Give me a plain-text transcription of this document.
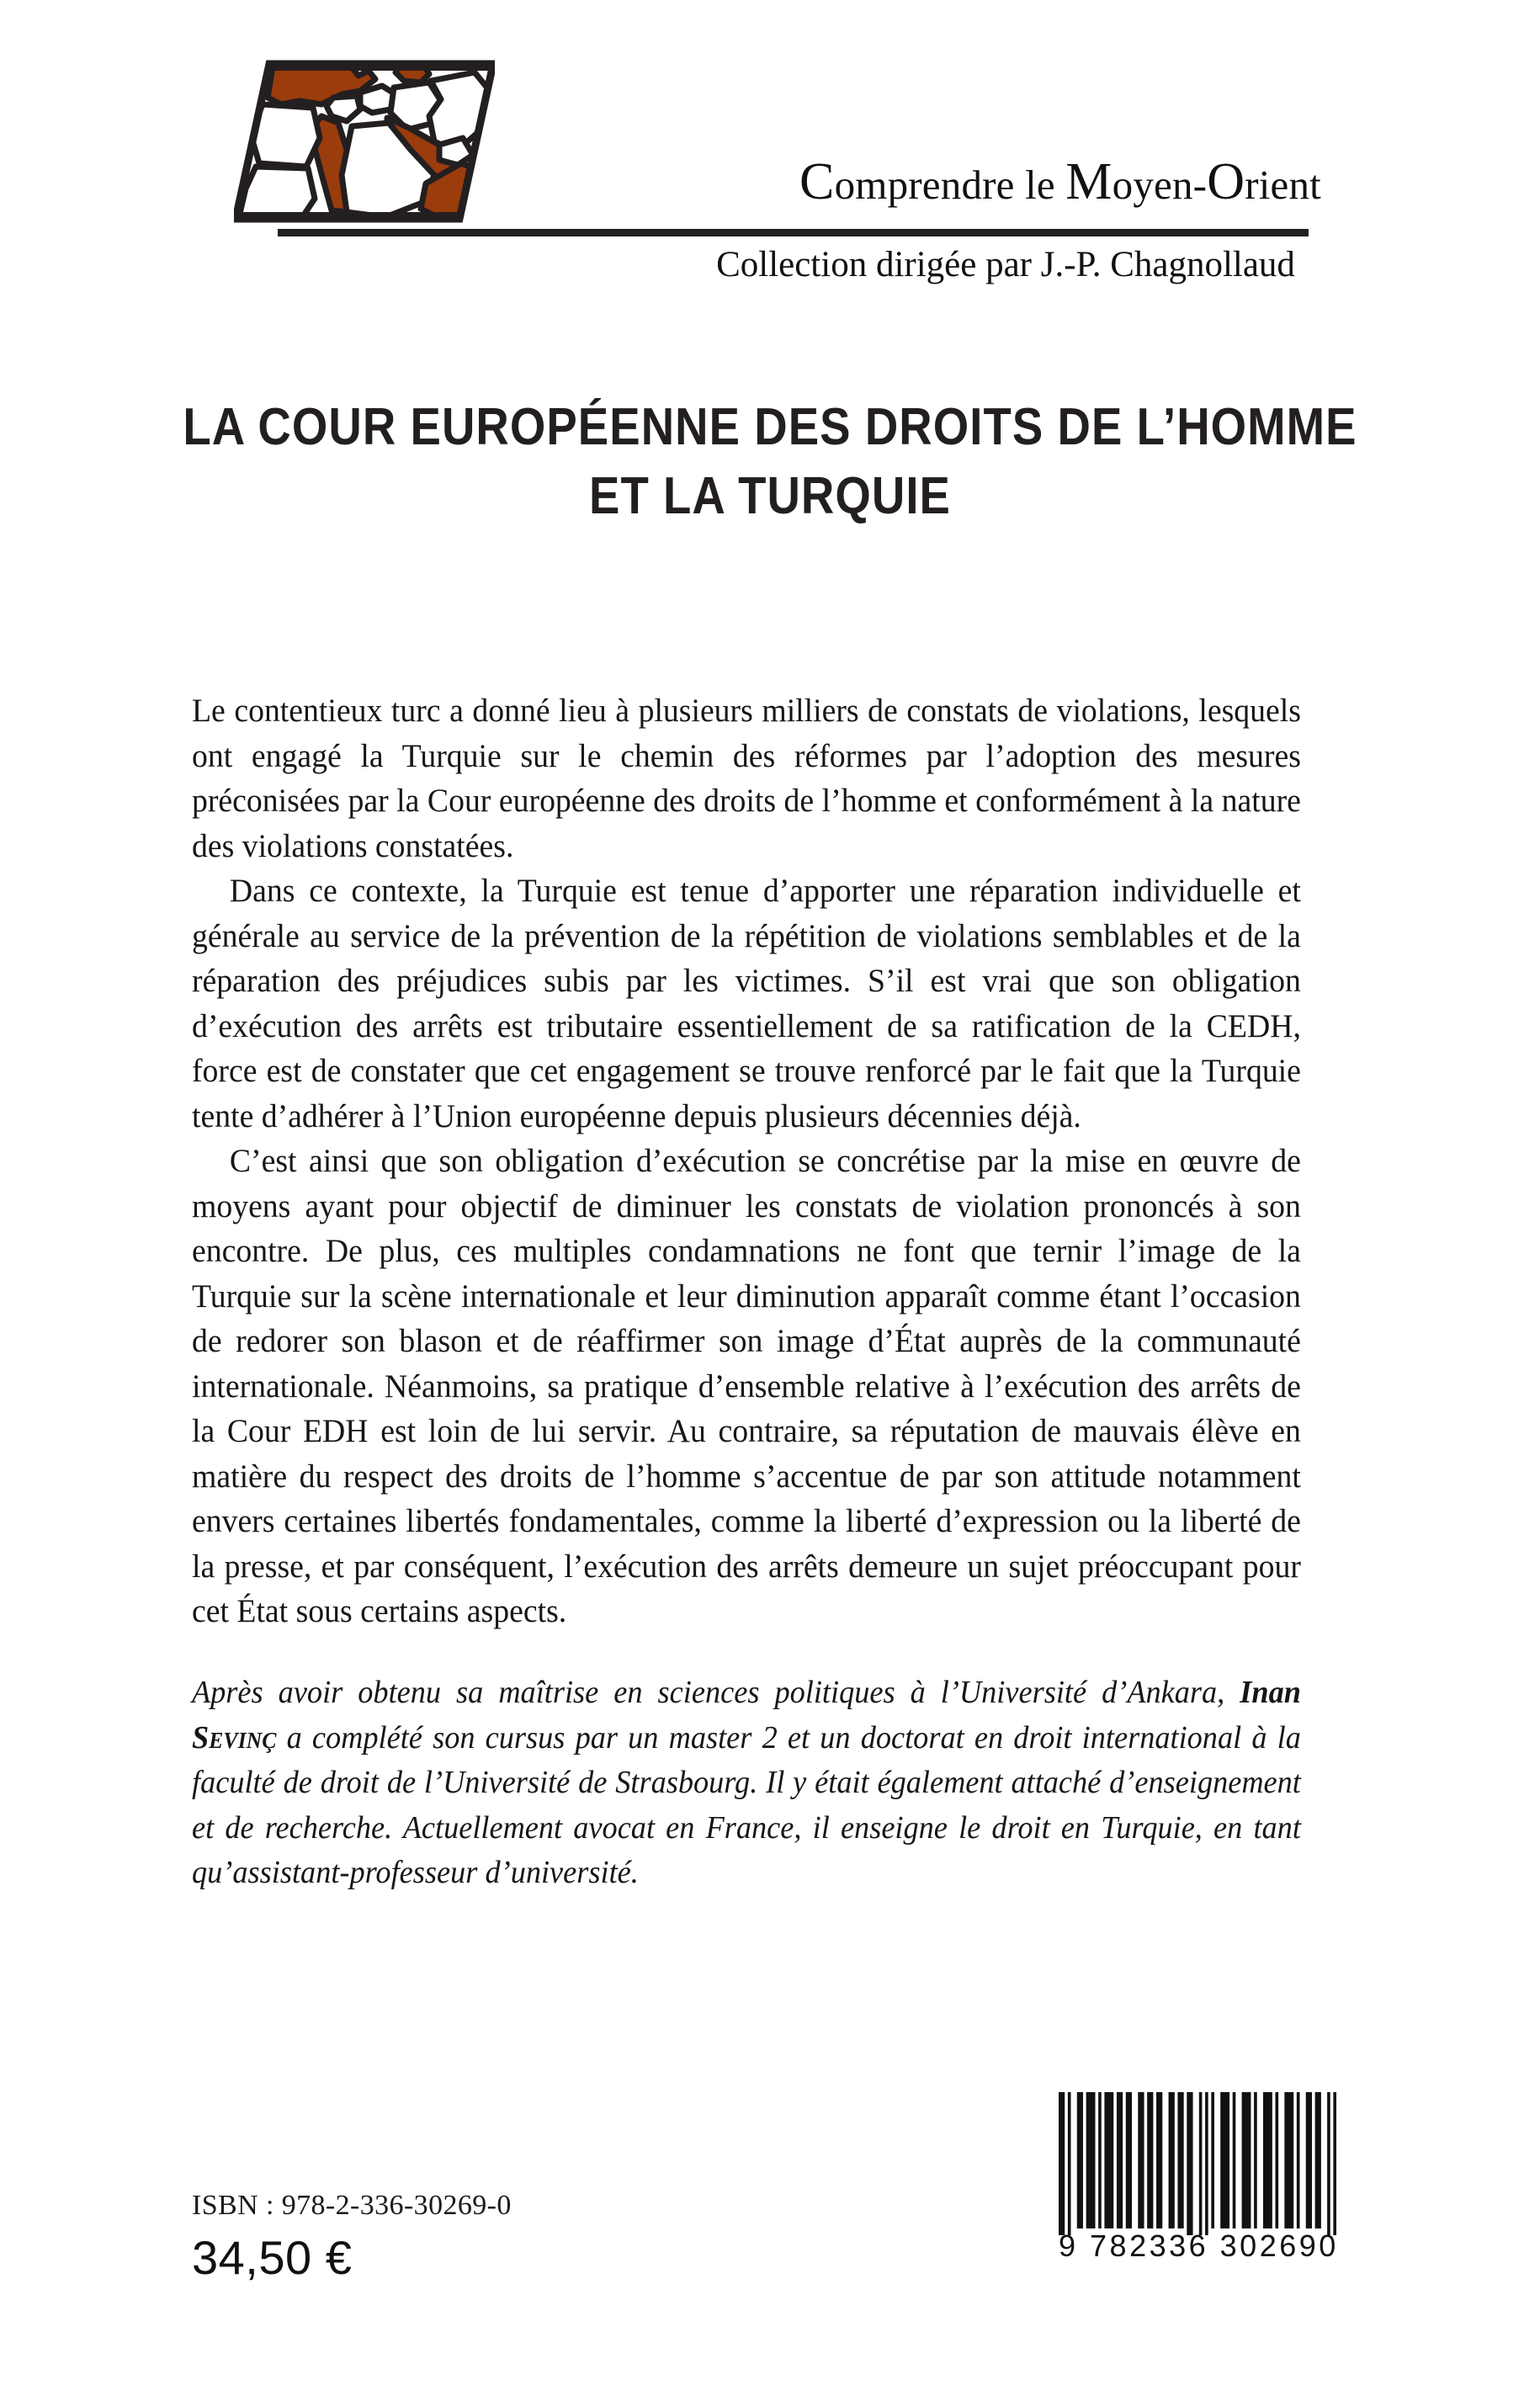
Comprendre le Moyen-Orient
Collection dirigée par J.-P. Chagnollaud
LA COUR EUROPÉENNE DES DROITS DE L’HOMME
ET LA TURQUIE

Le contentieux turc a donné lieu à plusieurs milliers de constats de violations, lesquels ont engagé la Turquie sur le chemin des réformes par l’adoption des mesures préconisées par la Cour européenne des droits de l’homme et conformément à la nature des violations constatées.

Dans ce contexte, la Turquie est tenue d’apporter une réparation individuelle et générale au service de la prévention de la répétition de violations semblables et de la réparation des préjudices subis par les victimes. S’il est vrai que son obligation d’exécution des arrêts est tributaire essentiellement de sa ratification de la CEDH, force est de constater que cet engagement se trouve renforcé par le fait que la Turquie tente d’adhérer à l’Union européenne depuis plusieurs décennies déjà.

C’est ainsi que son obligation d’exécution se concrétise par la mise en œuvre de moyens ayant pour objectif de diminuer les constats de violation prononcés à son encontre. De plus, ces multiples condamnations ne font que ternir l’image de la Turquie sur la scène internationale et leur diminution apparaît comme étant l’occasion de redorer son blason et de réaffirmer son image d’État auprès de la communauté internationale. Néanmoins, sa pratique d’ensemble relative à l’exécution des arrêts de la Cour EDH est loin de lui servir. Au contraire, sa réputation de mauvais élève en matière du respect des droits de l’homme s’accentue de par son attitude notamment envers certaines libertés fondamentales, comme la liberté d’expression ou la liberté de la presse, et par conséquent, l’exécution des arrêts demeure un sujet préoccupant pour cet État sous certains aspects.

Après avoir obtenu sa maîtrise en sciences politiques à l’Université d’Ankara, Inan Sevinç a complété son cursus par un master 2 et un doctorat en droit international à la faculté de droit de l’Université de Strasbourg. Il y était également attaché d’enseignement et de recherche. Actuellement avocat en France, il enseigne le droit en Turquie, en tant qu’assistant-professeur d’université.

ISBN : 978-2-336-30269-0
34,50 €	9 782336 302690
